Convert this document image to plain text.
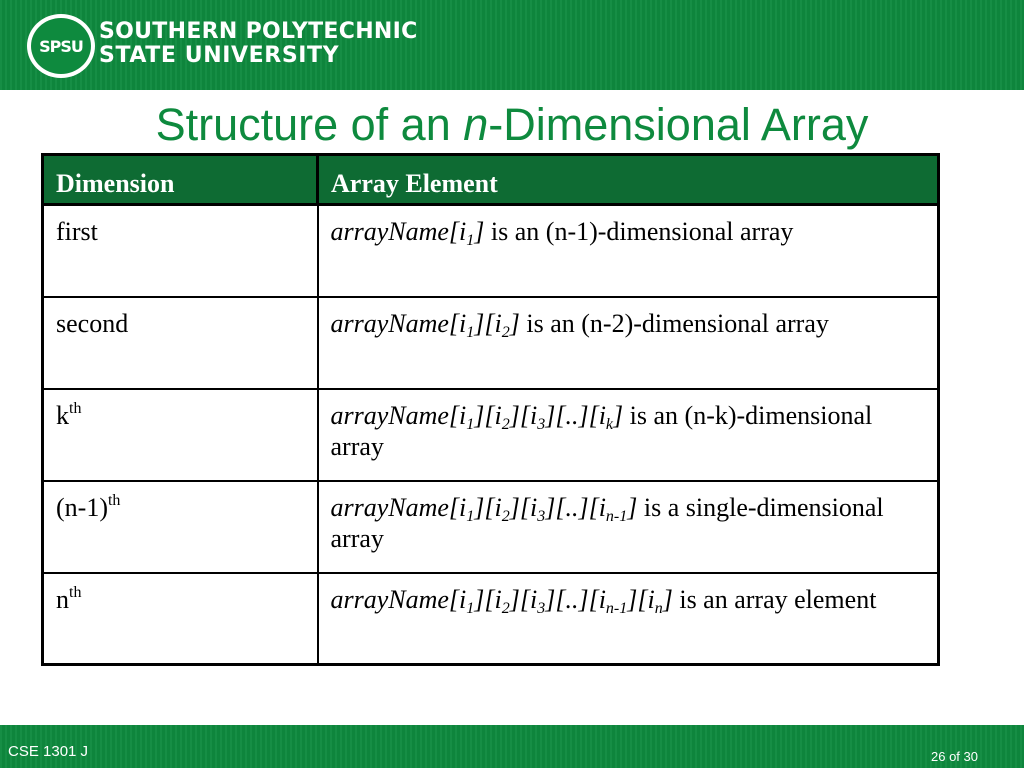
SPSU
SOUTHERN POLYTECHNIC
STATE UNIVERSITY
Structure of an n-Dimensional Array
Dimension	Array Element
first	$arrayName[i_1]$ is an (n-1)-dimensional array
second	$arrayName[i_1][i_2]$ is an (n-2)-dimensional array
$k^{th}$	$arrayName[i_1][i_2][i_3][..][i_k]$ is an (n-k)-dimensional array
$(n-1)^{th}$	$arrayName[i_1][i_2][i_3][..][i_{n-1}]$ is a single-dimensional array
$n^{th}$	$arrayName[i_1][i_2][i_3][..][i_{n-1}][i_n]$ is an array element
CSE 1301 J	26 of 30
